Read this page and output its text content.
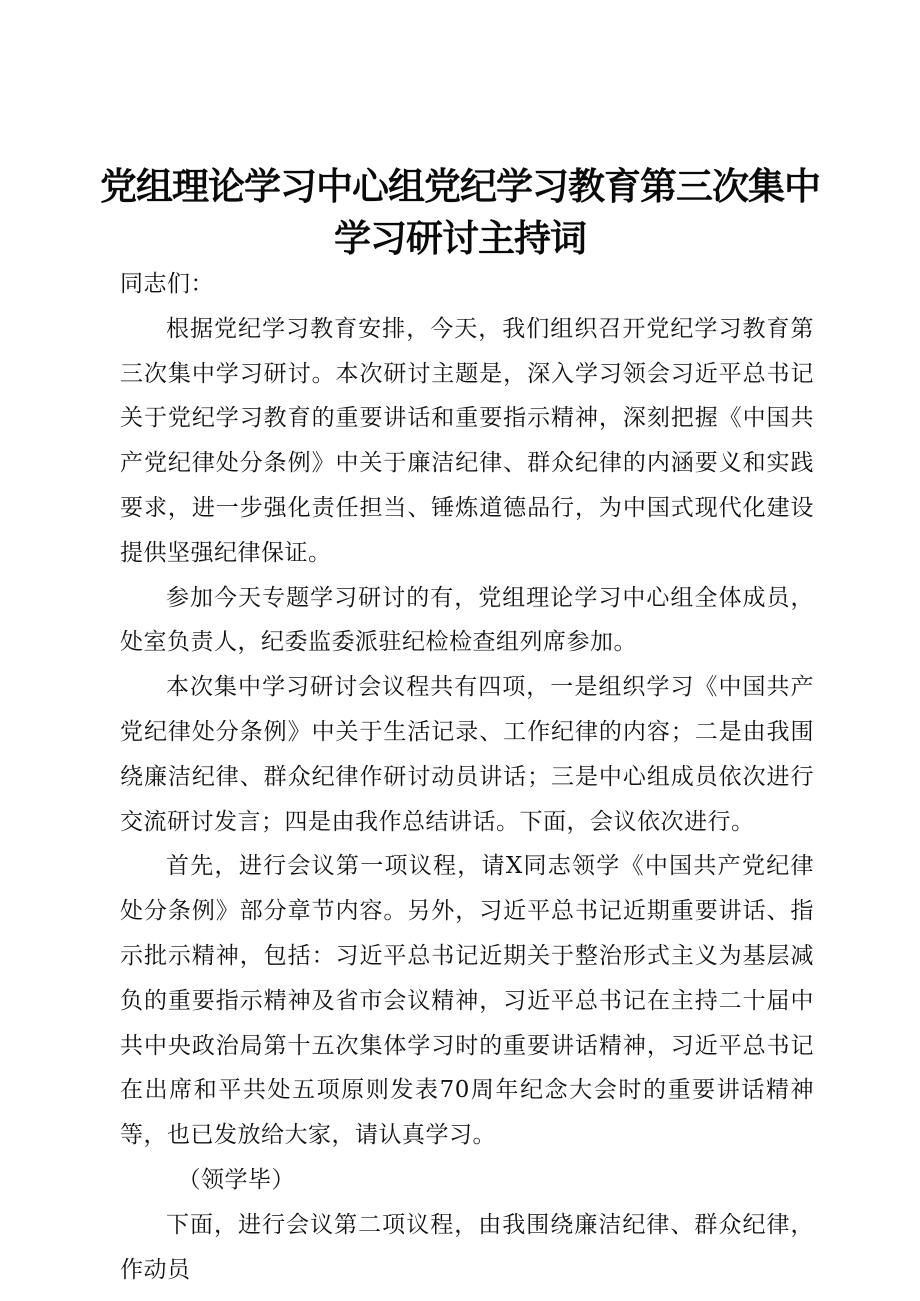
党组理论学习中心组党纪学习教育第三次集中
学习研讨主持词

同志们：

根据党纪学习教育安排，今天，我们组织召开党纪学习教育第三次集中学习研讨。本次研讨主题是，深入学习领会习近平总书记关于党纪学习教育的重要讲话和重要指示精神，深刻把握《中国共产党纪律处分条例》中关于廉洁纪律、群众纪律的内涵要义和实践要求，进一步强化责任担当、锤炼道德品行，为中国式现代化建设提供坚强纪律保证。

参加今天专题学习研讨的有，党组理论学习中心组全体成员，处室负责人，纪委监委派驻纪检检查组列席参加。

本次集中学习研讨会议程共有四项，一是组织学习《中国共产党纪律处分条例》中关于生活记录、工作纪律的内容；二是由我围绕廉洁纪律、群众纪律作研讨动员讲话；三是中心组成员依次进行交流研讨发言；四是由我作总结讲话。下面，会议依次进行。

首先，进行会议第一项议程，请X同志领学《中国共产党纪律处分条例》部分章节内容。另外，习近平总书记近期重要讲话、指示批示精神，包括：习近平总书记近期关于整治形式主义为基层减负的重要指示精神及省市会议精神，习近平总书记在主持二十届中共中央政治局第十五次集体学习时的重要讲话精神，习近平总书记在出席和平共处五项原则发表70周年纪念大会时的重要讲话精神等，也已发放给大家，请认真学习。

（领学毕）

下面，进行会议第二项议程，由我围绕廉洁纪律、群众纪律，作动员
